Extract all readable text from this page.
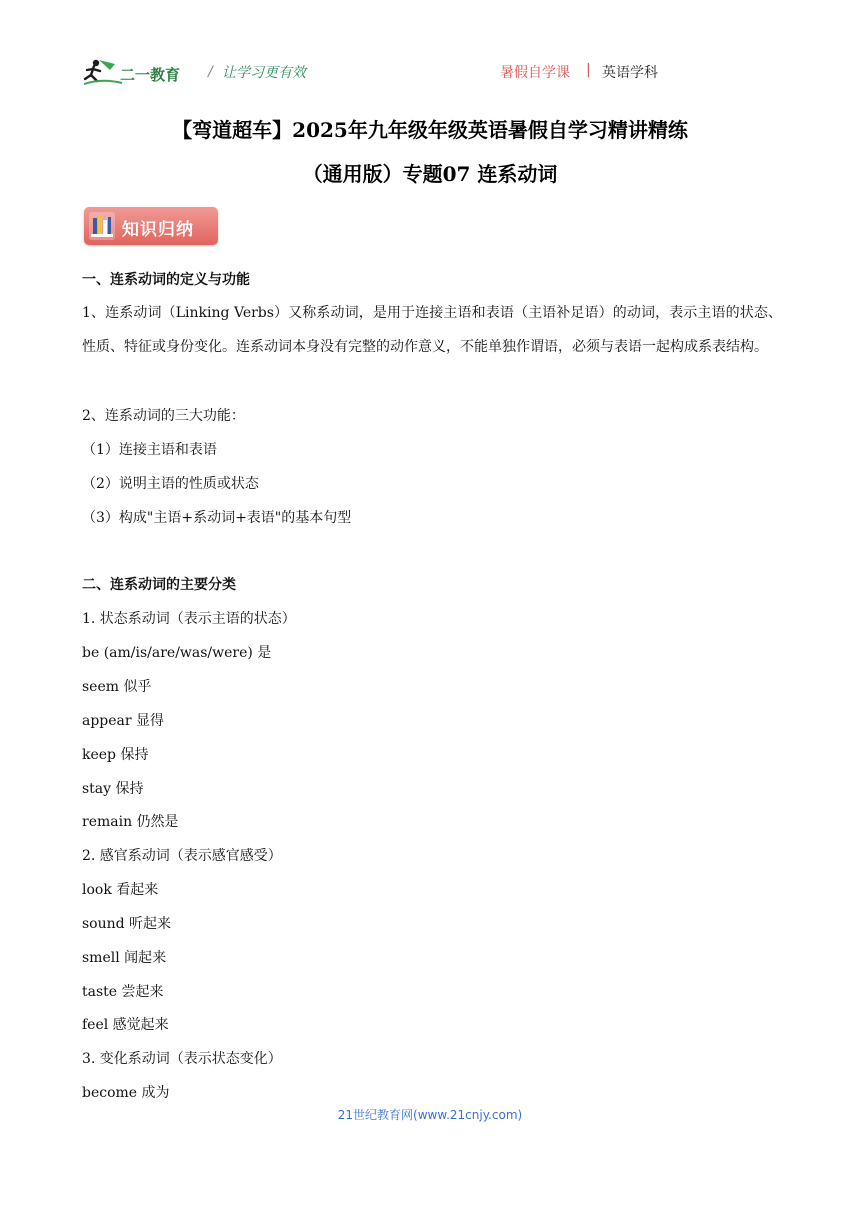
二一教育 / 让学习更有效	暑假自学课 | 英语学科
【弯道超车】2025年九年级年级英语暑假自学习精讲精练
（通用版）专题07 连系动词
知识归纳
一、连系动词的定义与功能
1、连系动词（Linking Verbs）又称系动词，是用于连接主语和表语（主语补足语）的动词，表示主语的状态、性质、特征或身份变化。连系动词本身没有完整的动作意义，不能单独作谓语，必须与表语一起构成系表结构。
2、连系动词的三大功能：
（1）连接主语和表语
（2）说明主语的性质或状态
（3）构成"主语+系动词+表语"的基本句型
二、连系动词的主要分类
1. 状态系动词（表示主语的状态）
be (am/is/are/was/were) 是
seem 似乎
appear 显得
keep 保持
stay 保持
remain 仍然是
2. 感官系动词（表示感官感受）
look 看起来
sound 听起来
smell 闻起来
taste 尝起来
feel 感觉起来
3. 变化系动词（表示状态变化）
become 成为
21世纪教育网(www.21cnjy.com)
